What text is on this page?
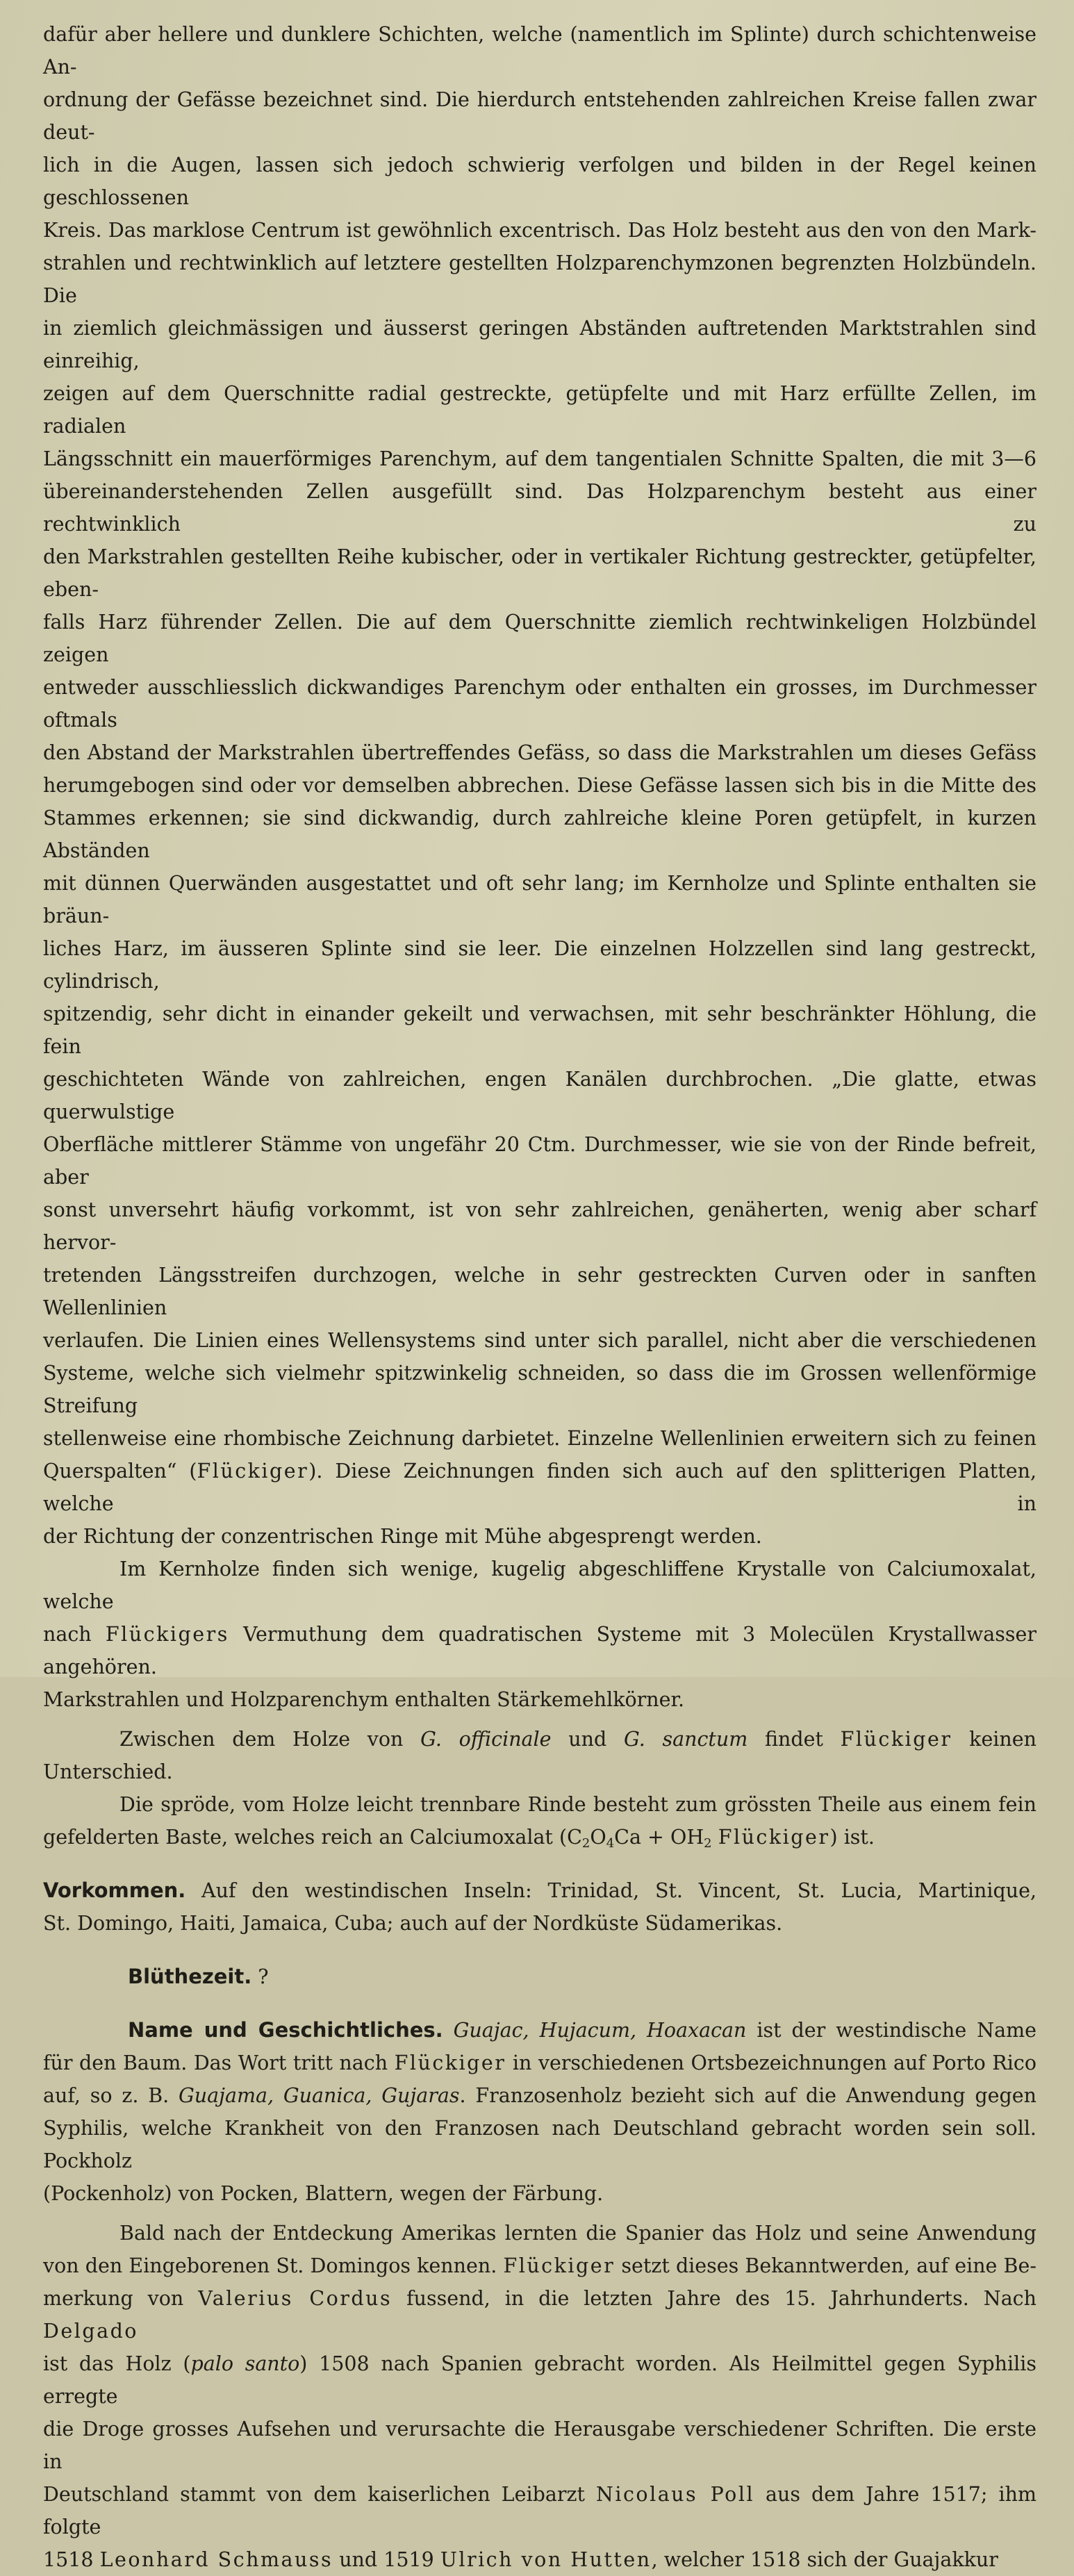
dafür aber hellere und dunklere Schichten, welche (namentlich im Splinte) durch schichtenweise An-

ordnung der Gefässe bezeichnet sind. Die hierdurch entstehenden zahlreichen Kreise fallen zwar deut-

lich in die Augen, lassen sich jedoch schwierig verfolgen und bilden in der Regel keinen geschlossenen

Kreis. Das marklose Centrum ist gewöhnlich excentrisch. Das Holz besteht aus den von den Mark-

strahlen und rechtwinklich auf letztere gestellten Holzparenchymzonen begrenzten Holzbündeln. Die

in ziemlich gleichmässigen und äusserst geringen Abständen auftretenden Marktstrahlen sind einreihig,

zeigen auf dem Querschnitte radial gestreckte, getüpfelte und mit Harz erfüllte Zellen, im radialen

Längsschnitt ein mauerförmiges Parenchym, auf dem tangentialen Schnitte Spalten, die mit 3—6

übereinanderstehenden Zellen ausgefüllt sind. Das Holzparenchym besteht aus einer rechtwinklich zu

den Markstrahlen gestellten Reihe kubischer, oder in vertikaler Richtung gestreckter, getüpfelter, eben-

falls Harz führender Zellen. Die auf dem Querschnitte ziemlich rechtwinkeligen Holzbündel zeigen

entweder ausschliesslich dickwandiges Parenchym oder enthalten ein grosses, im Durchmesser oftmals

den Abstand der Markstrahlen übertreffendes Gefäss, so dass die Markstrahlen um dieses Gefäss

herumgebogen sind oder vor demselben abbrechen. Diese Gefässe lassen sich bis in die Mitte des

Stammes erkennen; sie sind dickwandig, durch zahlreiche kleine Poren getüpfelt, in kurzen Abständen

mit dünnen Querwänden ausgestattet und oft sehr lang; im Kernholze und Splinte enthalten sie bräun-

liches Harz, im äusseren Splinte sind sie leer. Die einzelnen Holzzellen sind lang gestreckt, cylindrisch,

spitzendig, sehr dicht in einander gekeilt und verwachsen, mit sehr beschränkter Höhlung, die fein

geschichteten Wände von zahlreichen, engen Kanälen durchbrochen. „Die glatte, etwas querwulstige

Oberfläche mittlerer Stämme von ungefähr 20 Ctm. Durchmesser, wie sie von der Rinde befreit, aber

sonst unversehrt häufig vorkommt, ist von sehr zahlreichen, genäherten, wenig aber scharf hervor-

tretenden Längsstreifen durchzogen, welche in sehr gestreckten Curven oder in sanften Wellenlinien

verlaufen. Die Linien eines Wellensystems sind unter sich parallel, nicht aber die verschiedenen

Systeme, welche sich vielmehr spitzwinkelig schneiden, so dass die im Grossen wellenförmige Streifung

stellenweise eine rhombische Zeichnung darbietet. Einzelne Wellenlinien erweitern sich zu feinen

Querspalten“ (Flückiger). Diese Zeichnungen finden sich auch auf den splitterigen Platten, welche in

der Richtung der conzentrischen Ringe mit Mühe abgesprengt werden.

Im Kernholze finden sich wenige, kugelig abgeschliffene Krystalle von Calciumoxalat, welche

nach Flückigers Vermuthung dem quadratischen Systeme mit 3 Molecülen Krystallwasser angehören.

Markstrahlen und Holzparenchym enthalten Stärkemehlkörner.

Zwischen dem Holze von G. officinale und G. sanctum findet Flückiger keinen Unterschied.

Die spröde, vom Holze leicht trennbare Rinde besteht zum grössten Theile aus einem fein

gefelderten Baste, welches reich an Calciumoxalat ($C_2O_4Ca + OH_2$ Flückiger) ist.

Vorkommen. Auf den westindischen Inseln: Trinidad, St. Vincent, St. Lucia, Martinique,

St. Domingo, Haiti, Jamaica, Cuba; auch auf der Nordküste Südamerikas.

Blüthezeit. ?

Name und Geschichtliches. Guajac, Hujacum, Hoaxacan ist der westindische Name

für den Baum. Das Wort tritt nach Flückiger in verschiedenen Ortsbezeichnungen auf Porto Rico

auf, so z. B. Guajama, Guanica, Gujaras. Franzosenholz bezieht sich auf die Anwendung gegen

Syphilis, welche Krankheit von den Franzosen nach Deutschland gebracht worden sein soll. Pockholz

(Pockenholz) von Pocken, Blattern, wegen der Färbung.

Bald nach der Entdeckung Amerikas lernten die Spanier das Holz und seine Anwendung

von den Eingeborenen St. Domingos kennen. Flückiger setzt dieses Bekanntwerden, auf eine Be-

merkung von Valerius Cordus fussend, in die letzten Jahre des 15. Jahrhunderts. Nach Delgado

ist das Holz (palo santo) 1508 nach Spanien gebracht worden. Als Heilmittel gegen Syphilis erregte

die Droge grosses Aufsehen und verursachte die Herausgabe verschiedener Schriften. Die erste in

Deutschland stammt von dem kaiserlichen Leibarzt Nicolaus Poll aus dem Jahre 1517; ihm folgte

1518 Leonhard Schmauss und 1519 Ulrich von Hutten, welcher 1518 sich der Guajakkur
